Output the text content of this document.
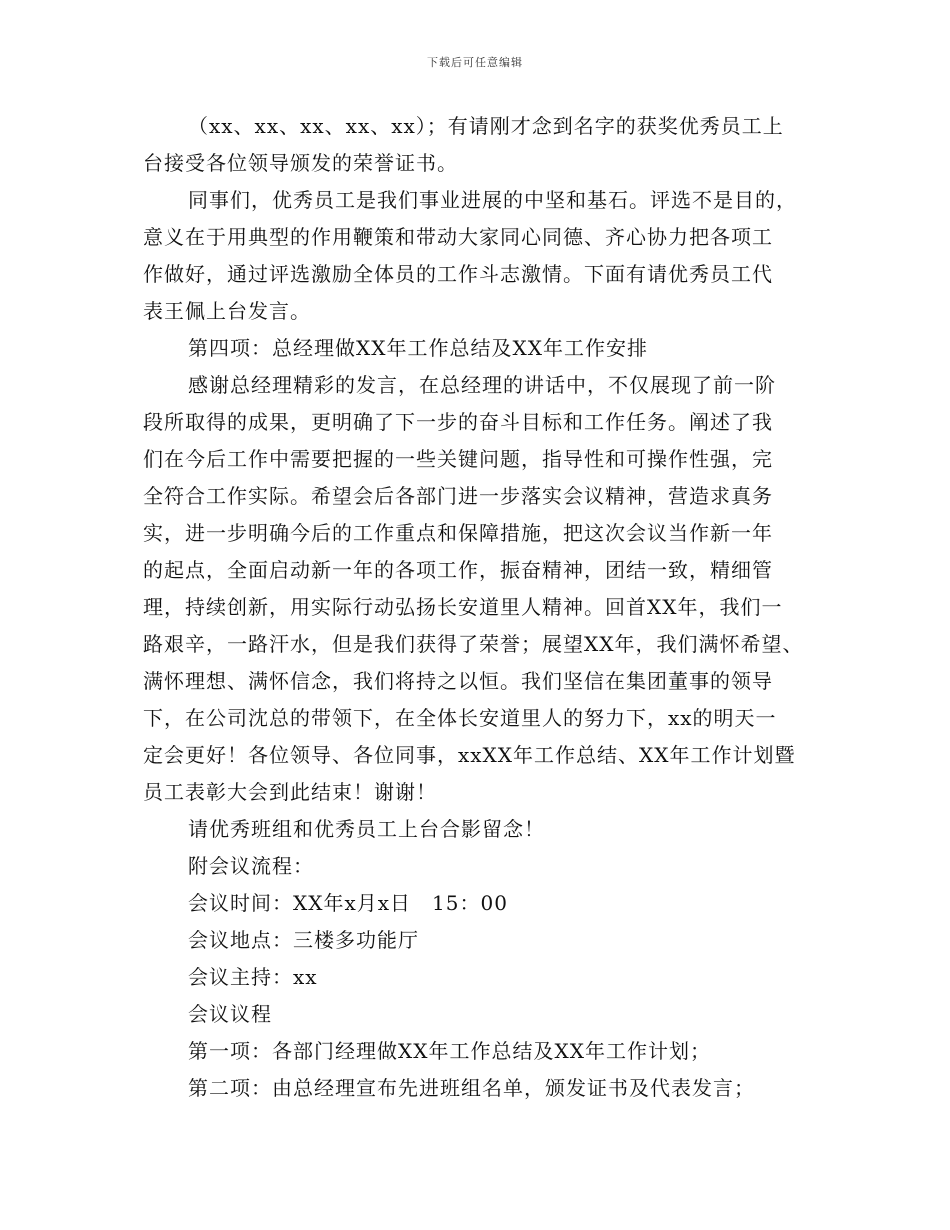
下载后可任意编辑
（xx、xx、xx、xx、xx）；有请刚才念到名字的获奖优秀员工上
台接受各位领导颁发的荣誉证书。
同事们，优秀员工是我们事业进展的中坚和基石。评选不是目的，
意义在于用典型的作用鞭策和带动大家同心同德、齐心协力把各项工
作做好，通过评选激励全体员的工作斗志激情。下面有请优秀员工代
表王佩上台发言。
第四项：总经理做XX年工作总结及XX年工作安排
感谢总经理精彩的发言，在总经理的讲话中，不仅展现了前一阶
段所取得的成果，更明确了下一步的奋斗目标和工作任务。阐述了我
们在今后工作中需要把握的一些关键问题，指导性和可操作性强，完
全符合工作实际。希望会后各部门进一步落实会议精神，营造求真务
实，进一步明确今后的工作重点和保障措施，把这次会议当作新一年
的起点，全面启动新一年的各项工作，振奋精神，团结一致，精细管
理，持续创新，用实际行动弘扬长安道里人精神。回首XX年，我们一
路艰辛，一路汗水，但是我们获得了荣誉；展望XX年，我们满怀希望、
满怀理想、满怀信念，我们将持之以恒。我们坚信在集团董事的领导
下，在公司沈总的带领下，在全体长安道里人的努力下，xx的明天一
定会更好！各位领导、各位同事，xxXX年工作总结、XX年工作计划暨
员工表彰大会到此结束！谢谢！
请优秀班组和优秀员工上台合影留念！
附会议流程：
会议时间：XX年x月x日　15：00
会议地点：三楼多功能厅
会议主持：xx
会议议程
第一项：各部门经理做XX年工作总结及XX年工作计划；
第二项：由总经理宣布先进班组名单，颁发证书及代表发言；
